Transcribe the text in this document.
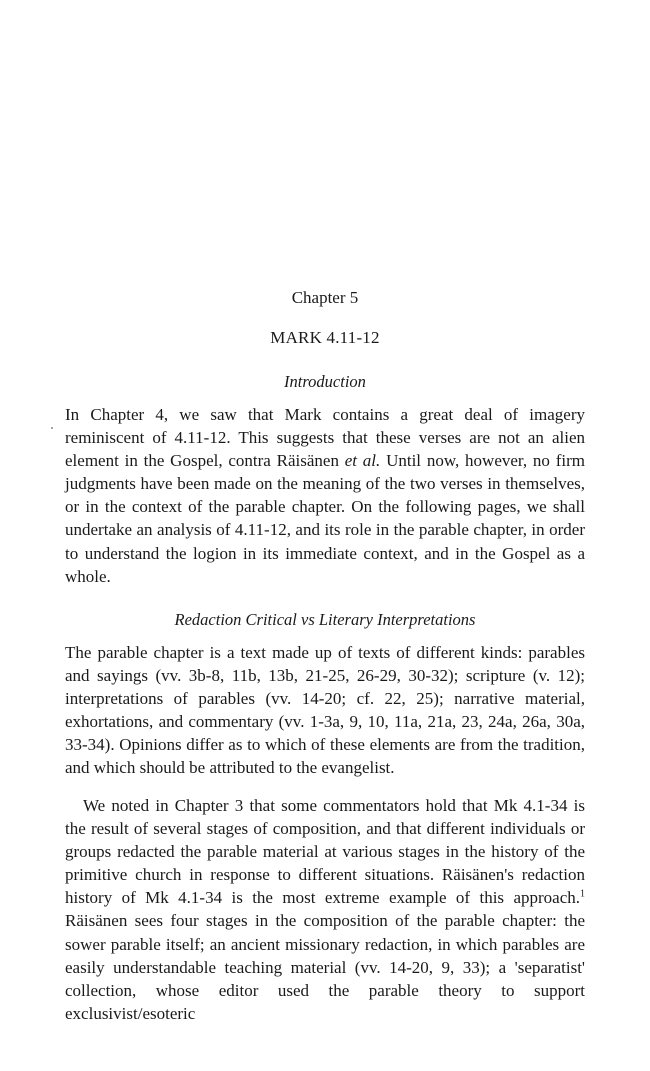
Chapter 5
MARK 4.11-12
Introduction

In Chapter 4, we saw that Mark contains a great deal of imagery reminiscent of 4.11-12. This suggests that these verses are not an alien element in the Gospel, contra Räisänen et al. Until now, however, no firm judgments have been made on the meaning of the two verses in themselves, or in the context of the parable chapter. On the following pages, we shall undertake an analysis of 4.11-12, and its role in the parable chapter, in order to understand the logion in its immediate context, and in the Gospel as a whole.

Redaction Critical vs Literary Interpretations

The parable chapter is a text made up of texts of different kinds: parables and sayings (vv. 3b-8, 11b, 13b, 21-25, 26-29, 30-32); scripture (v. 12); interpretations of parables (vv. 14-20; cf. 22, 25); narrative material, exhortations, and commentary (vv. 1-3a, 9, 10, 11a, 21a, 23, 24a, 26a, 30a, 33-34). Opinions differ as to which of these elements are from the tradition, and which should be attributed to the evangelist.

We noted in Chapter 3 that some commentators hold that Mk 4.1-34 is the result of several stages of composition, and that different individuals or groups redacted the parable material at various stages in the history of the primitive church in response to different situations. Räisänen's redaction history of Mk 4.1-34 is the most extreme example of this approach.$^1$ Räisänen sees four stages in the composition of the parable chapter: the sower parable itself; an ancient missionary redaction, in which parables are easily understandable teaching material (vv. 14-20, 9, 33); a 'separatist' collection, whose editor used the parable theory to support exclusivist/esoteric
